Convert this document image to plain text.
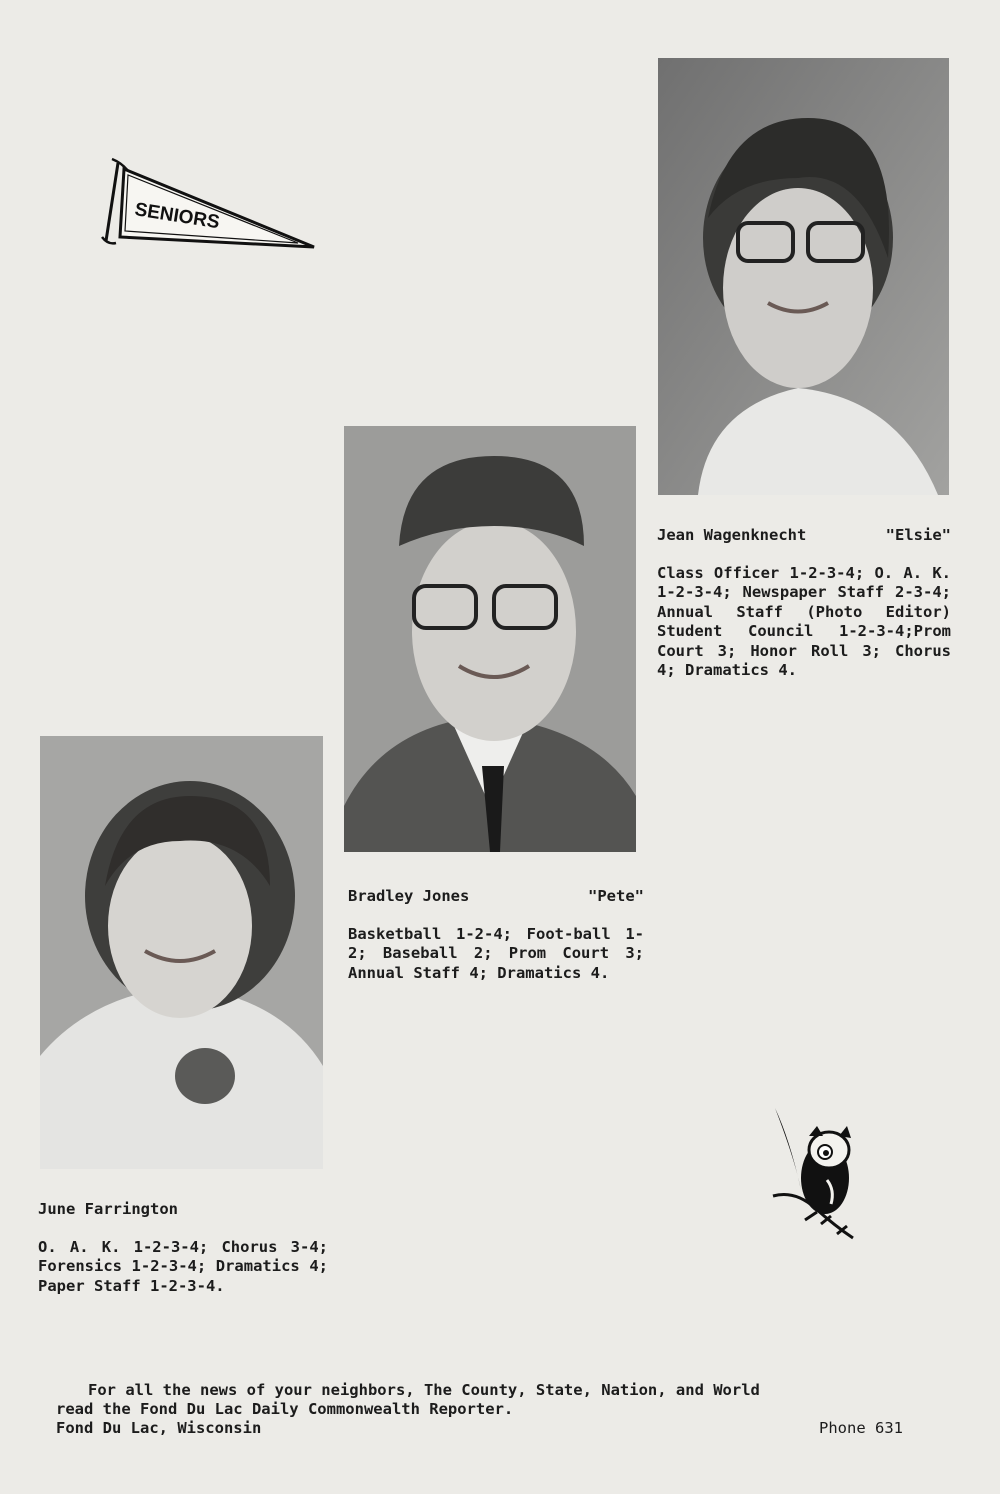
SENIORS
Jean Wagenknecht	"Elsie"
Class Officer 1-2-3-4; O. A. K. 1-2-3-4; Newspaper Staff 2-3-4; Annual Staff (Photo Editor) Student Council 1-2-3-4;Prom Court 3; Honor Roll 3; Chorus 4; Dramatics 4.
Bradley Jones	"Pete"
Basketball 1-2-4; Foot-ball 1-2; Baseball 2; Prom Court 3; Annual Staff 4; Dramatics 4.
June Farrington
O. A. K. 1-2-3-4; Chorus 3-4; Forensics 1-2-3-4; Dramatics 4; Paper Staff 1-2-3-4.
For all the news of your neighbors, The County, State, Nation, and World
read the Fond Du Lac Daily Commonwealth Reporter.
Fond Du Lac, Wisconsin	Phone 631
